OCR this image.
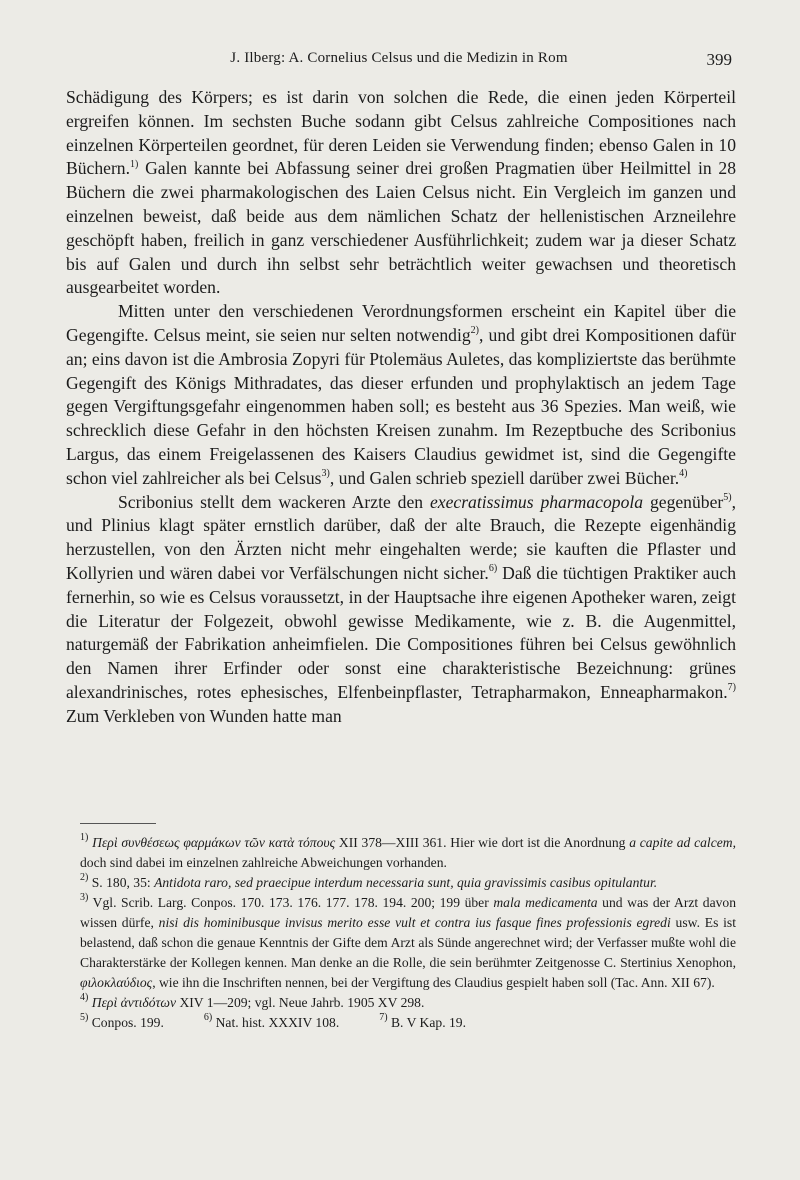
J. Ilberg: A. Cornelius Celsus und die Medizin in Rom	399

Schädigung des Körpers; es ist darin von solchen die Rede, die einen jeden Körperteil ergreifen können. Im sechsten Buche sodann gibt Celsus zahlreiche Compositiones nach einzelnen Körperteilen geordnet, für deren Leiden sie Verwendung finden; ebenso Galen in 10 Büchern.$^{1)}$ Galen kannte bei Abfassung seiner drei großen Pragmatien über Heilmittel in 28 Büchern die zwei pharmakologischen des Laien Celsus nicht. Ein Vergleich im ganzen und einzelnen beweist, daß beide aus dem nämlichen Schatz der hellenistischen Arzneilehre geschöpft haben, freilich in ganz verschiedener Ausführlichkeit; zudem war ja dieser Schatz bis auf Galen und durch ihn selbst sehr beträchtlich weiter gewachsen und theoretisch ausgearbeitet worden.

Mitten unter den verschiedenen Verordnungsformen erscheint ein Kapitel über die Gegengifte. Celsus meint, sie seien nur selten notwendig$^{2)}$, und gibt drei Kompositionen dafür an; eins davon ist die Ambrosia Zopyri für Ptolemäus Auletes, das kompliziertste das berühmte Gegengift des Königs Mithradates, das dieser erfunden und prophylaktisch an jedem Tage gegen Vergiftungsgefahr eingenommen haben soll; es besteht aus 36 Spezies. Man weiß, wie schrecklich diese Gefahr in den höchsten Kreisen zunahm. Im Rezeptbuche des Scribonius Largus, das einem Freigelassenen des Kaisers Claudius gewidmet ist, sind die Gegengifte schon viel zahlreicher als bei Celsus$^{3)}$, und Galen schrieb speziell darüber zwei Bücher.$^{4)}$

Scribonius stellt dem wackeren Arzte den execratissimus pharmacopola gegenüber$^{5)}$, und Plinius klagt später ernstlich darüber, daß der alte Brauch, die Rezepte eigenhändig herzustellen, von den Ärzten nicht mehr eingehalten werde; sie kauften die Pflaster und Kollyrien und wären dabei vor Verfälschungen nicht sicher.$^{6)}$ Daß die tüchtigen Praktiker auch fernerhin, so wie es Celsus voraussetzt, in der Hauptsache ihre eigenen Apotheker waren, zeigt die Literatur der Folgezeit, obwohl gewisse Medikamente, wie z. B. die Augenmittel, naturgemäß der Fabrikation anheimfielen. Die Compositiones führen bei Celsus gewöhnlich den Namen ihrer Erfinder oder sonst eine charakteristische Bezeichnung: grünes alexandrinisches, rotes ephesisches, Elfenbeinpflaster, Tetrapharmakon, Enneapharmakon.$^{7)}$ Zum Verkleben von Wunden hatte man

$^{1)}$ Περὶ συνθέσεως φαρμάκων τῶν κατὰ τόπους XII 378—XIII 361. Hier wie dort ist die Anordnung a capite ad calcem, doch sind dabei im einzelnen zahlreiche Abweichungen vorhanden.

$^{2)}$ S. 180, 35: Antidota raro, sed praecipue interdum necessaria sunt, quia gravissimis casibus opitulantur.

$^{3)}$ Vgl. Scrib. Larg. Conpos. 170. 173. 176. 177. 178. 194. 200; 199 über mala medicamenta und was der Arzt davon wissen dürfe, nisi dis hominibusque invisus merito esse vult et contra ius fasque fines professionis egredi usw. Es ist belastend, daß schon die genaue Kenntnis der Gifte dem Arzt als Sünde angerechnet wird; der Verfasser mußte wohl die Charakterstärke der Kollegen kennen. Man denke an die Rolle, die sein berühmter Zeitgenosse C. Stertinius Xenophon, φιλοκλαύδιος, wie ihn die Inschriften nennen, bei der Vergiftung des Claudius gespielt haben soll (Tac. Ann. XII 67).

$^{4)}$ Περὶ ἀντιδότων XIV 1—209; vgl. Neue Jahrb. 1905 XV 298.

$^{5)}$ Conpos. 199.	$^{6)}$ Nat. hist. XXXIV 108.	$^{7)}$ B. V Kap. 19.
